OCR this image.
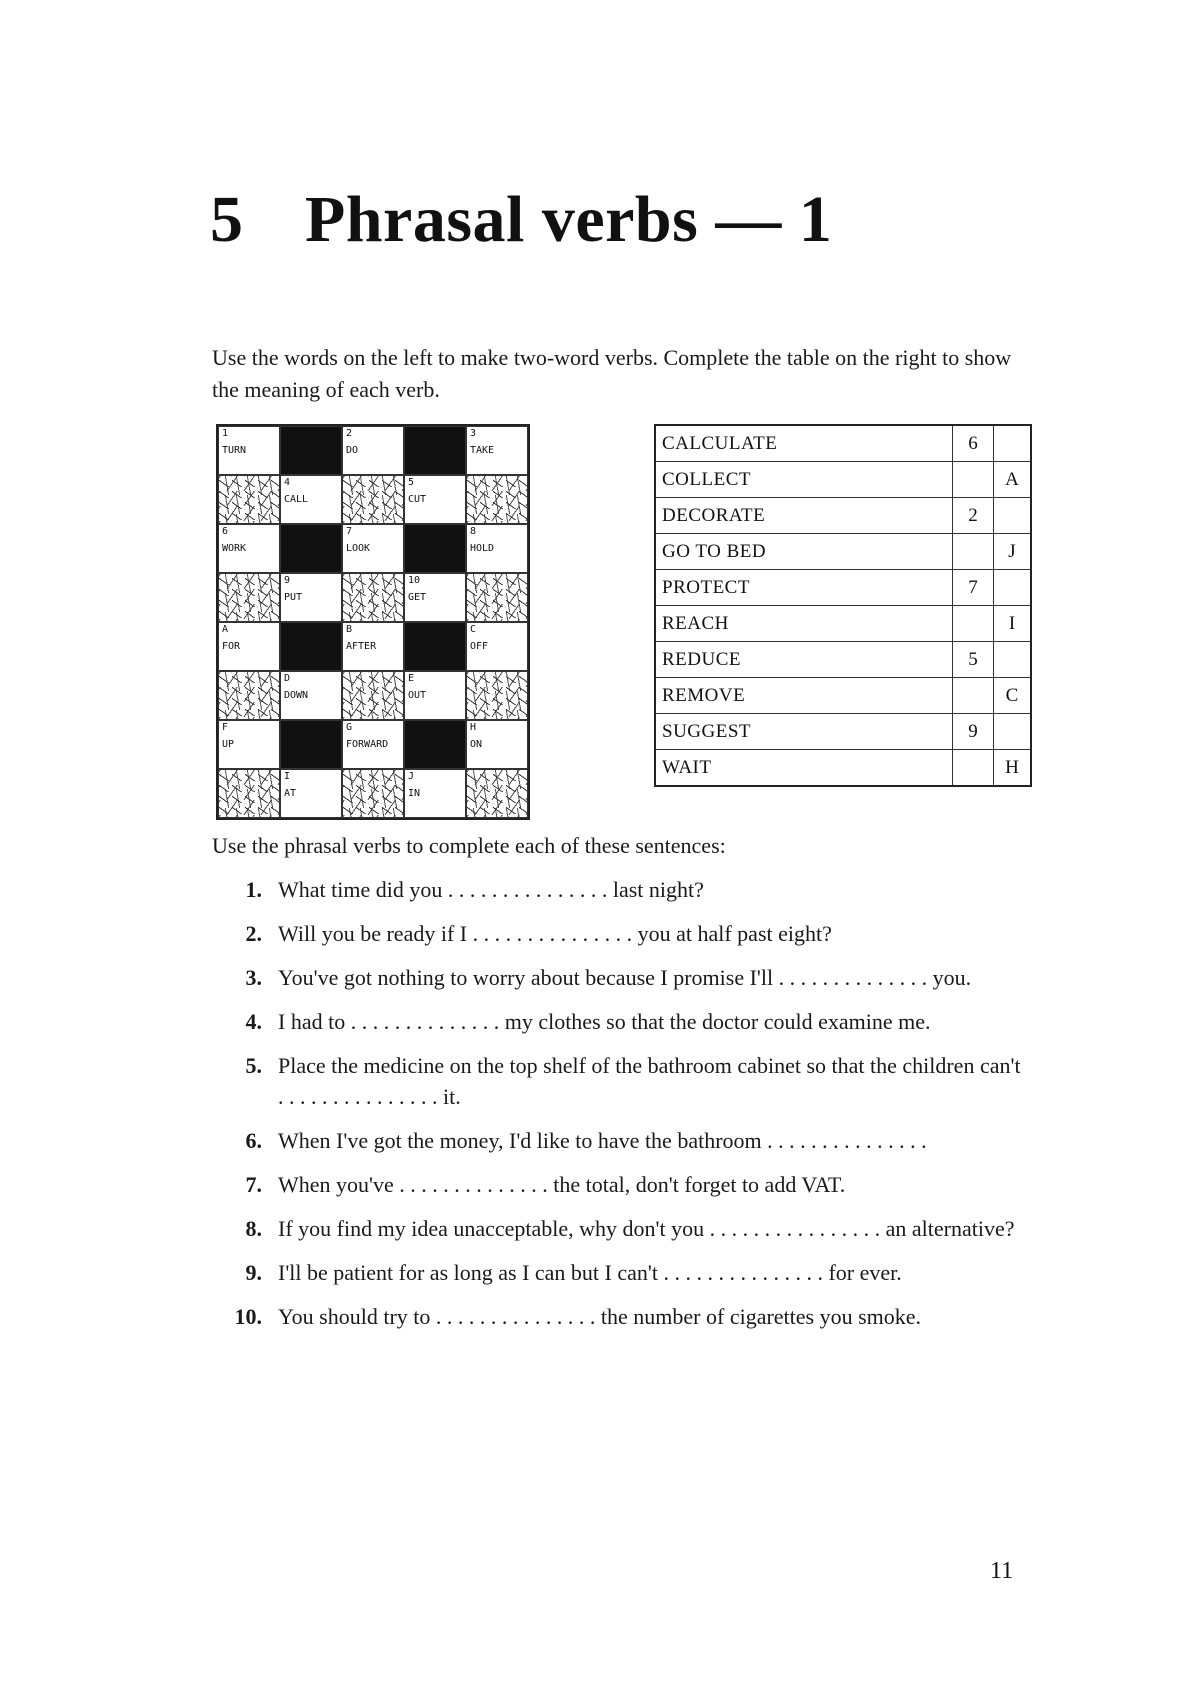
5 Phrasal verbs — 1

Use the words on the left to make two-word verbs. Complete the table on the right to show the meaning of each verb.

1
TURN
2
DO
3
TAKE
4
CALL
5
CUT
6
WORK
7
LOOK
8
HOLD
9
PUT
10
GET
A
FOR
B
AFTER
C
OFF
D
DOWN
E
OUT
F
UP
G
FORWARD
H
ON
I
AT
J
IN
CALCULATE	6	
COLLECT		A
DECORATE	2	
GO TO BED		J
PROTECT	7	
REACH		I
REDUCE	5	
REMOVE		C
SUGGEST	9	
WAIT		H

Use the phrasal verbs to complete each of these sentences:

1. What time did you . . . . . . . . . . . . . . . last night?
2. Will you be ready if I . . . . . . . . . . . . . . . you at half past eight?
3. You've got nothing to worry about because I promise I'll . . . . . . . . . . . . . . you.
4. I had to . . . . . . . . . . . . . . my clothes so that the doctor could examine me.
5. Place the medicine on the top shelf of the bathroom cabinet so that the children can't . . . . . . . . . . . . . . . it.
6. When I've got the money, I'd like to have the bathroom . . . . . . . . . . . . . . .
7. When you've . . . . . . . . . . . . . . the total, don't forget to add VAT.
8. If you find my idea unacceptable, why don't you . . . . . . . . . . . . . . . . an alternative?
9. I'll be patient for as long as I can but I can't . . . . . . . . . . . . . . . for ever.
10. You should try to . . . . . . . . . . . . . . . the number of cigarettes you smoke.

11
